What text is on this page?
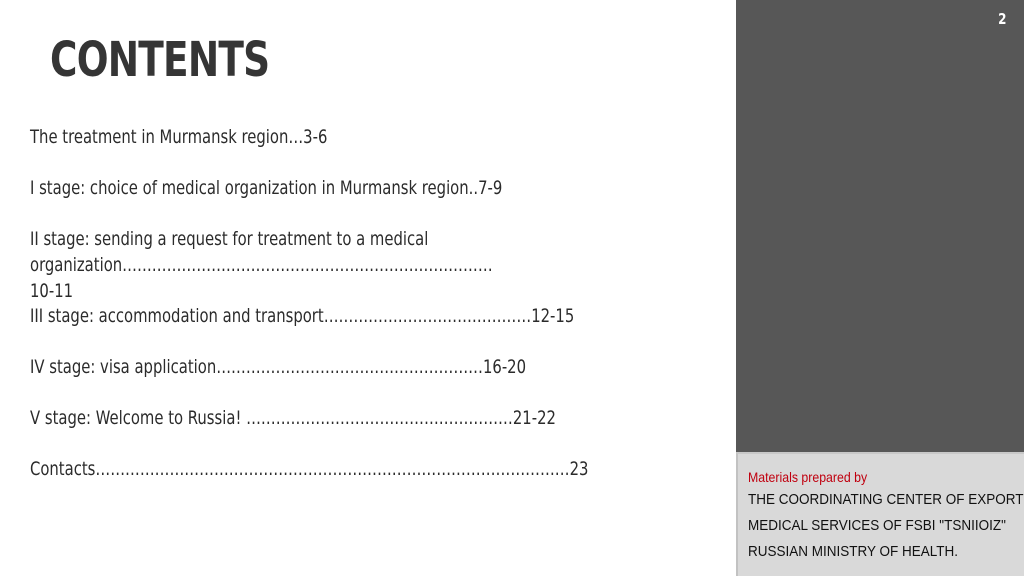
CONTENTS

The treatment in Murmansk region…3-6

I stage: choice of medical organization in Murmansk region..7-9

II stage: sending a request for treatment to a medical organization…………………………………………………………………10-11

III stage: accommodation and transport……………………………………12-15

IV stage: visa application………………………………………………16-20

V stage: Welcome to Russia! ………………………………………………21-22

Contacts……………………………………………………………………………………23

2
Materials prepared by
THE COORDINATING CENTER OF EXPORT
MEDICAL SERVICES OF FSBI "TSNIIOIZ"
RUSSIAN MINISTRY OF HEALTH.
